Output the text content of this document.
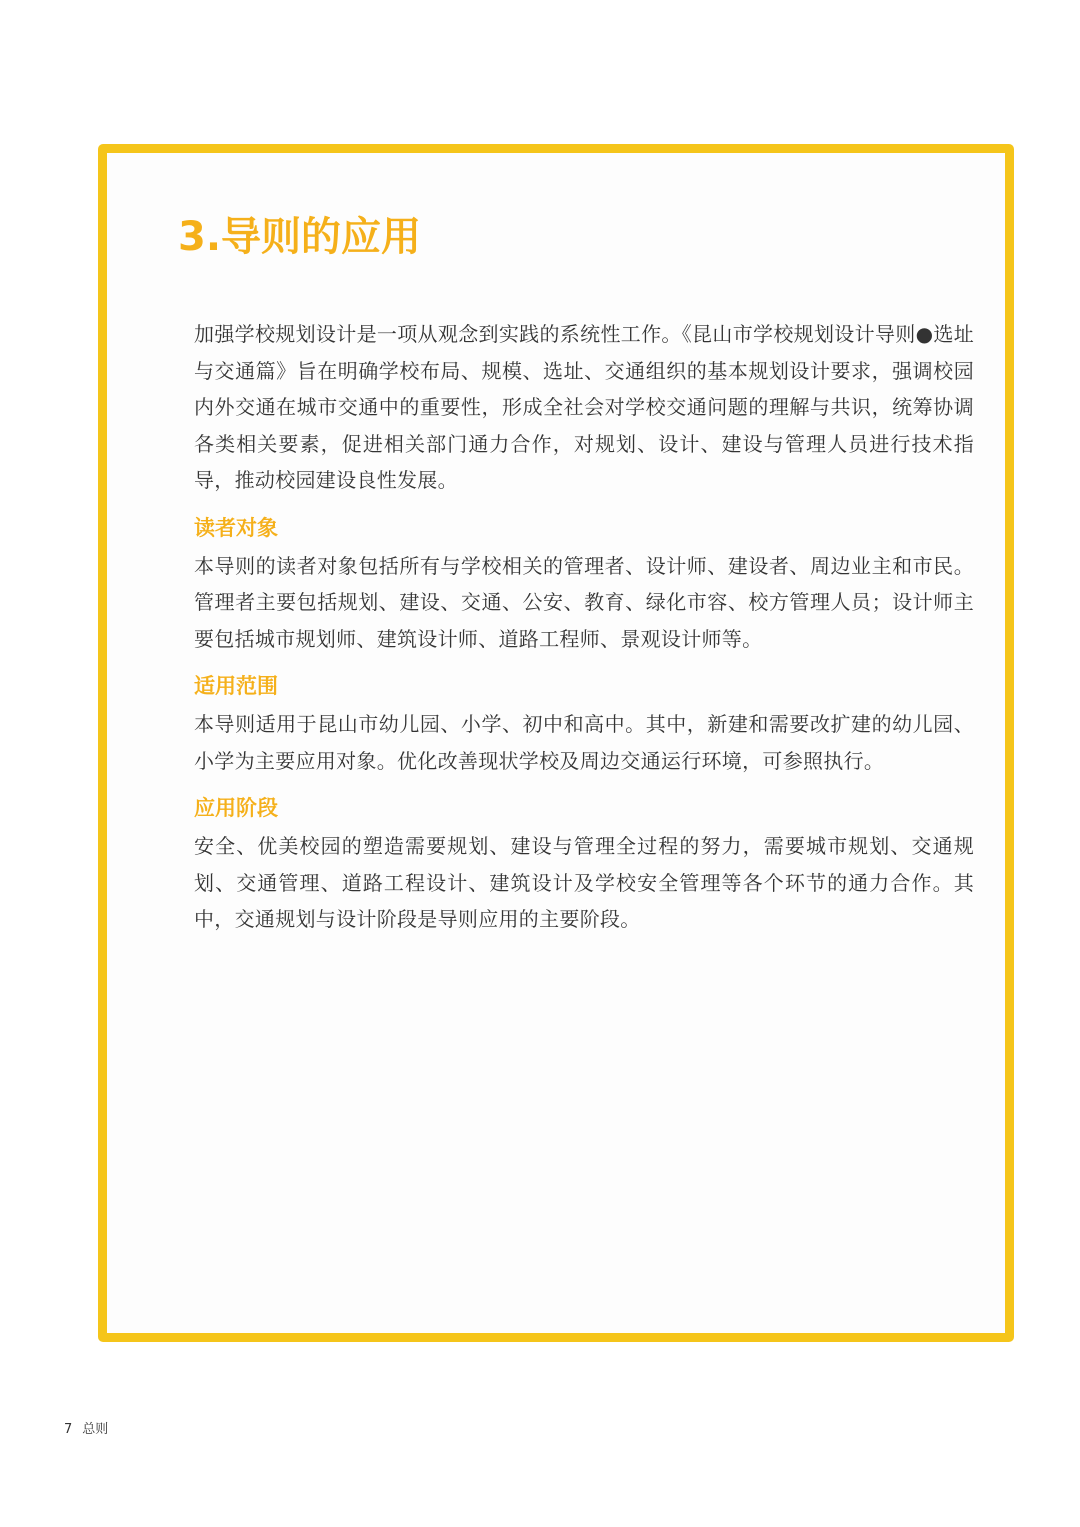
3.导则的应用

加强学校规划设计是一项从观念到实践的系统性工作。《昆山市学校规划设计导则●选址与交通篇》旨在明确学校布局、规模、选址、交通组织的基本规划设计要求，强调校园内外交通在城市交通中的重要性，形成全社会对学校交通问题的理解与共识，统筹协调各类相关要素，促进相关部门通力合作，对规划、设计、建设与管理人员进行技术指导，推动校园建设良性发展。

读者对象

本导则的读者对象包括所有与学校相关的管理者、设计师、建设者、周边业主和市民。管理者主要包括规划、建设、交通、公安、教育、绿化市容、校方管理人员；设计师主要包括城市规划师、建筑设计师、道路工程师、景观设计师等。

适用范围

本导则适用于昆山市幼儿园、小学、初中和高中。其中，新建和需要改扩建的幼儿园、小学为主要应用对象。优化改善现状学校及周边交通运行环境，可参照执行。

应用阶段

安全、优美校园的塑造需要规划、建设与管理全过程的努力，需要城市规划、交通规划、交通管理、道路工程设计、建筑设计及学校安全管理等各个环节的通力合作。其中，交通规划与设计阶段是导则应用的主要阶段。

7 总则
